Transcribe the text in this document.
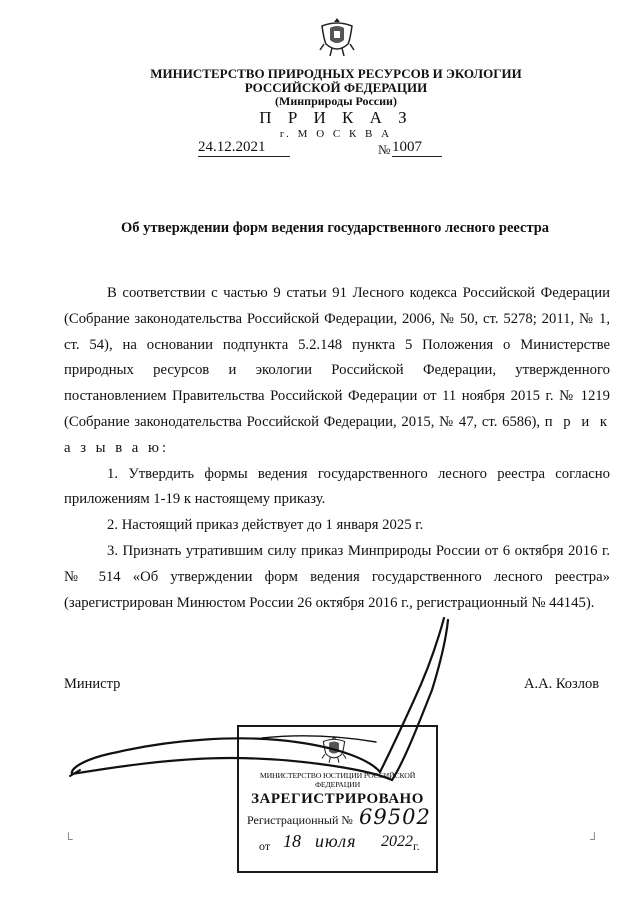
МИНИСТЕРСТВО ПРИРОДНЫХ РЕСУРСОВ И ЭКОЛОГИИ
РОССИЙСКОЙ ФЕДЕРАЦИИ
(Минприроды России)
П Р И К А З
г. М О С К В А
24.12.2021	№ 1007
Об утверждении форм ведения государственного лесного реестра

В соответствии с частью 9 статьи 91 Лесного кодекса Российской Федерации (Собрание законодательства Российской Федерации, 2006, № 50, ст. 5278; 2011, № 1, ст. 54), на основании подпункта 5.2.148 пункта 5 Положения о Министерстве природных ресурсов и экологии Российской Федерации, утвержденного постановлением Правительства Российской Федерации от 11 ноября 2015 г. № 1219 (Собрание законодательства Российской Федерации, 2015, № 47, ст. 6586), п р и к а з ы в а ю:

1. Утвердить формы ведения государственного лесного реестра согласно приложениям 1-19 к настоящему приказу.

2. Настоящий приказ действует до 1 января 2025 г.

3. Признать утратившим силу приказ Минприроды России от 6 октября 2016 г. № 514 «Об утверждении форм ведения государственного лесного реестра» (зарегистрирован Минюстом России 26 октября 2016 г., регистрационный № 44145).

Министр	А.А. Козлов
МИНИСТЕРСТВО ЮСТИЦИИ РОССИЙСКОЙ ФЕДЕРАЦИИ
ЗАРЕГИСТРИРОВАНО
Регистрационный № 69502
от 18 июля 2022 г.
└	┘
